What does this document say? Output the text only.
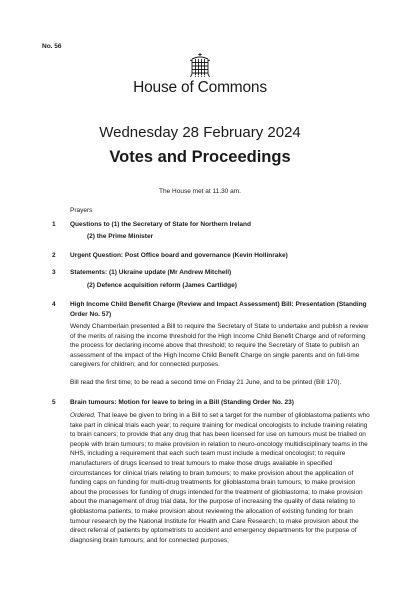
No. 56
House of Commons
Wednesday 28 February 2024
Votes and Proceedings
The House met at 11.30 am.
Prayers
1 Questions to (1) the Secretary of State for Northern Ireland
(2) the Prime Minister
2 Urgent Question: Post Office board and governance (Kevin Hollinrake)
3 Statements: (1) Ukraine update (Mr Andrew Mitchell)
(2) Defence acquisition reform (James Cartlidge)
4 High Income Child Benefit Charge (Review and Impact Assessment) Bill: Presentation (Standing Order No. 57)
Wendy Chamberlain presented a Bill to require the Secretary of State to undertake and publish a review of the merits of raising the income threshold for the High Income Child Benefit Charge and of reforming the process for declaring income above that threshold; to require the Secretary of State to publish an assessment of the impact of the High Income Child Benefit Charge on single parents and on full-time caregivers for children; and for connected purposes.
Bill read the first time; to be read a second time on Friday 21 June, and to be printed (Bill 170).
5 Brain tumours: Motion for leave to bring in a Bill (Standing Order No. 23)
Ordered, That leave be given to bring in a Bill to set a target for the number of glioblastoma patients who take part in clinical trials each year; to require training for medical oncologists to include training relating to brain cancers; to provide that any drug that has been licensed for use on tumours must be trialled on people with brain tumours; to make provision in relation to neuro-oncology multidisciplinary teams in the NHS, including a requirement that each such team must include a medical oncologist; to require manufacturers of drugs licensed to treat tumours to make those drugs available in specified circumstances for clinical trials relating to brain tumours; to make provision about the application of funding caps on funding for multi-drug treatments for glioblastoma brain tumours; to make provision about the processes for funding of drugs intended for the treatment of glioblastoma; to make provision about the management of drug trial data, for the purpose of increasing the quality of data relating to glioblastoma patients; to make provision about reviewing the allocation of existing funding for brain tumour research by the National Institute for Health and Care Research; to make provision about the direct referral of patients by optometrists to accident and emergency departments for the purpose of diagnosing brain tumours; and for connected purposes;
